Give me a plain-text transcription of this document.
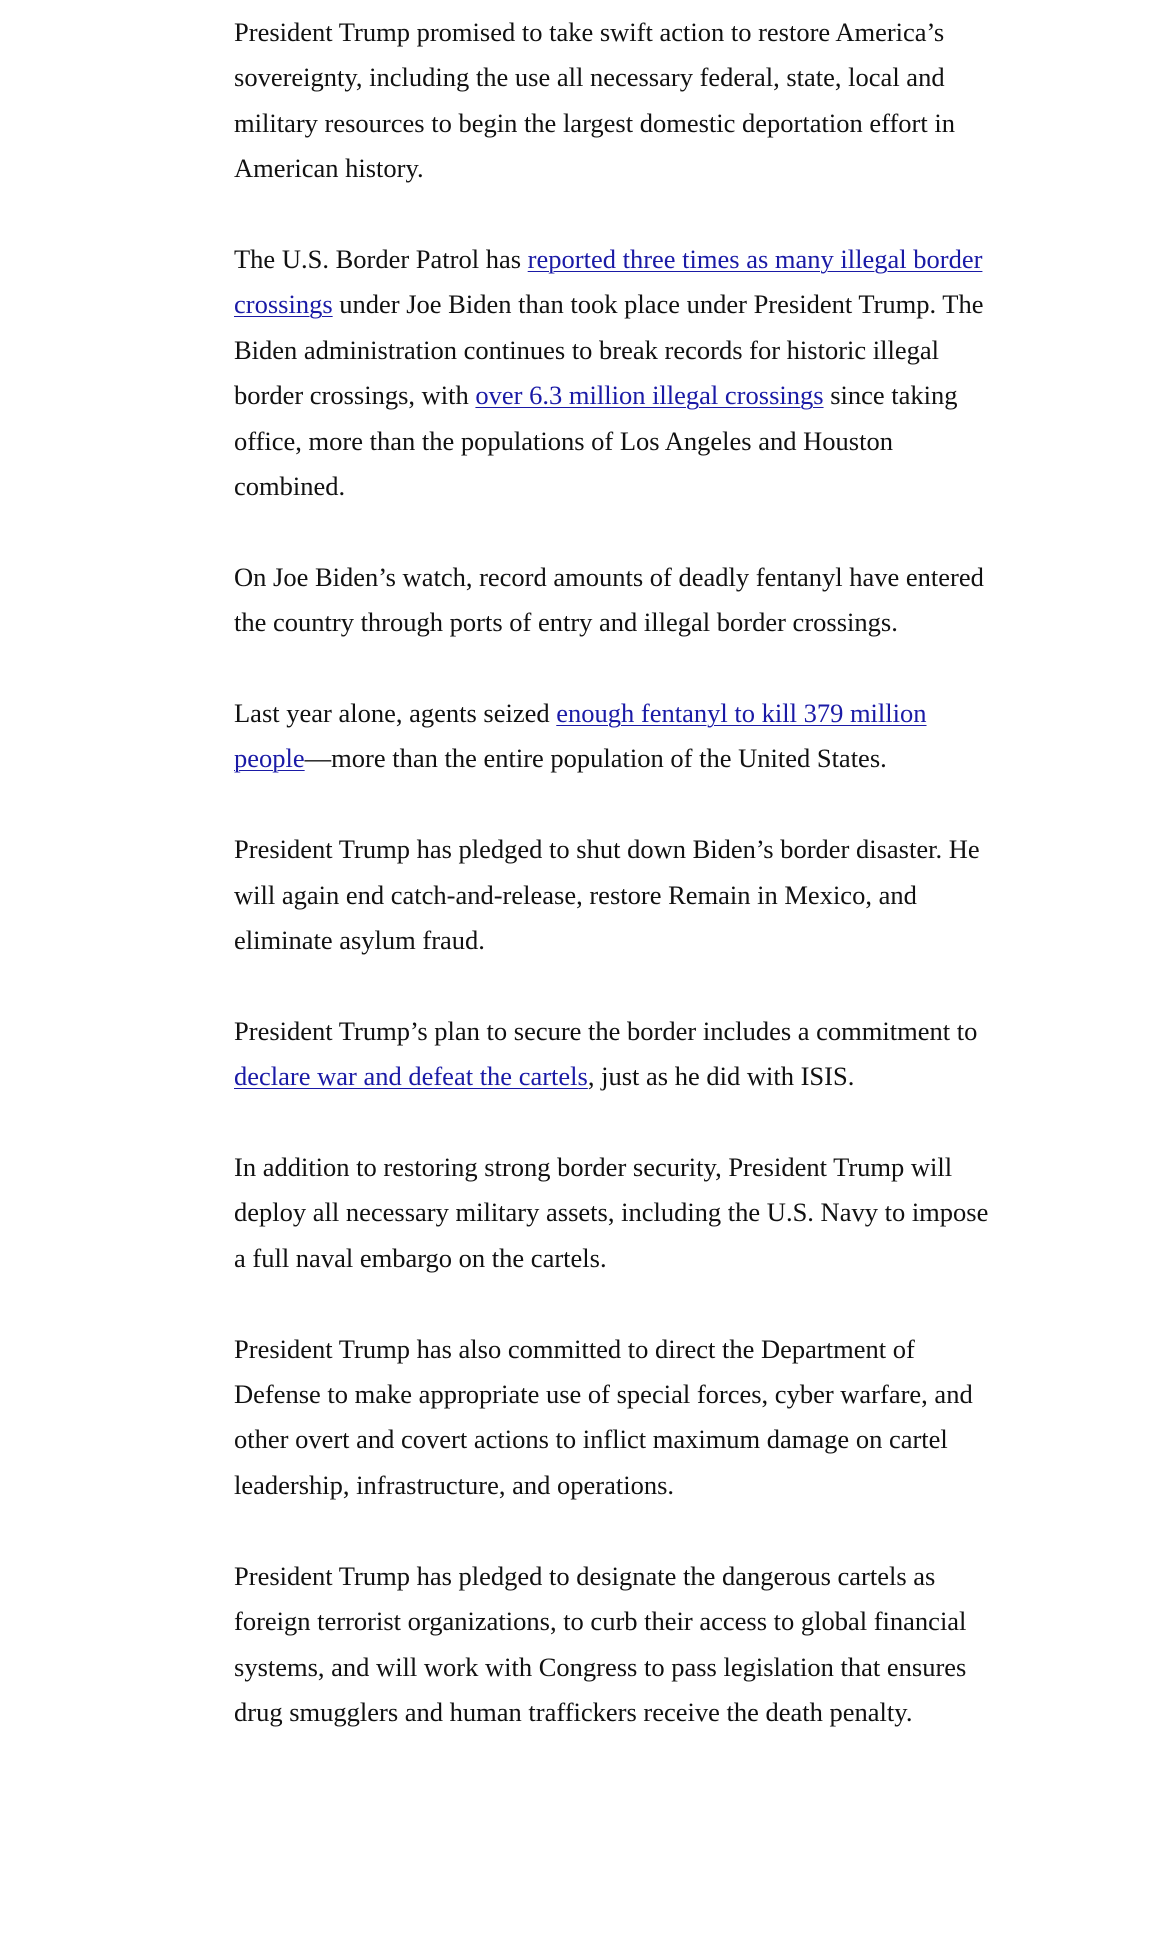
President Trump promised to take swift action to restore America’s sovereignty, including the use all necessary federal, state, local and military resources to begin the largest domestic deportation effort in American history.

The U.S. Border Patrol has reported three times as many illegal border crossings under Joe Biden than took place under President Trump. The Biden administration continues to break records for historic illegal border crossings, with over 6.3 million illegal crossings since taking office, more than the populations of Los Angeles and Houston combined.

On Joe Biden’s watch, record amounts of deadly fentanyl have entered the country through ports of entry and illegal border crossings.

Last year alone, agents seized enough fentanyl to kill 379 million people—more than the entire population of the United States.

President Trump has pledged to shut down Biden’s border disaster. He will again end catch-and-release, restore Remain in Mexico, and eliminate asylum fraud.

President Trump’s plan to secure the border includes a commitment to declare war and defeat the cartels, just as he did with ISIS.

In addition to restoring strong border security, President Trump will deploy all necessary military assets, including the U.S. Navy to impose a full naval embargo on the cartels.

President Trump has also committed to direct the Department of Defense to make appropriate use of special forces, cyber warfare, and other overt and covert actions to inflict maximum damage on cartel leadership, infrastructure, and operations.

President Trump has pledged to designate the dangerous cartels as foreign terrorist organizations, to curb their access to global financial systems, and will work with Congress to pass legislation that ensures drug smugglers and human traffickers receive the death penalty.
